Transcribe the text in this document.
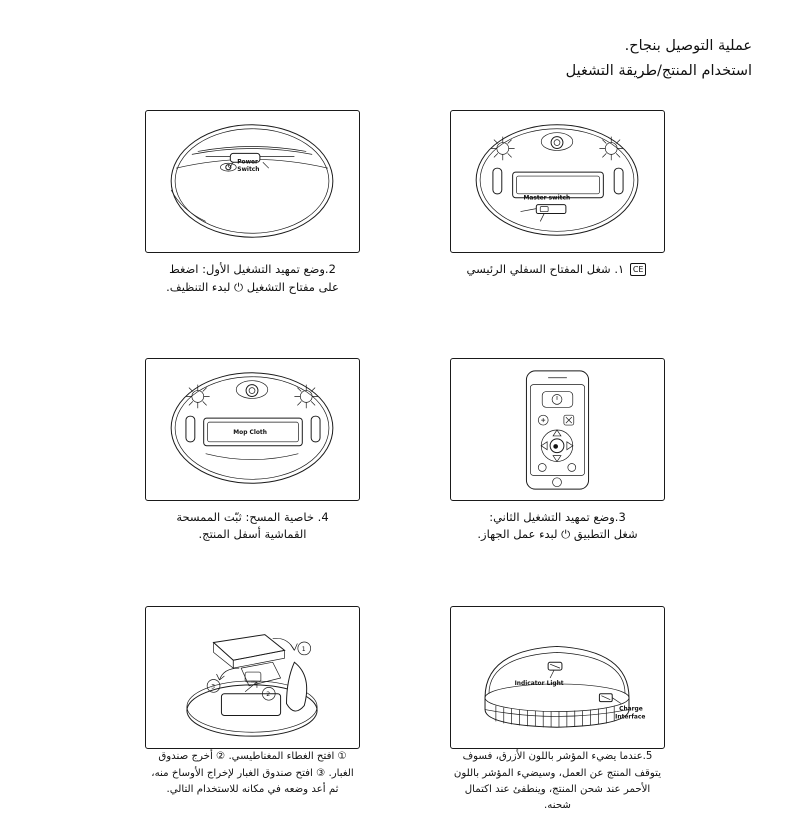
عملية التوصيل بنجاح.
استخدام المنتج/طريقة التشغيل
Power
Switch
2.وضع تمهيد التشغيل الأول: اضغط
على مفتاح التشغيل ⏻ لبدء التنظيف.
Master switch
CE ١. شغل المفتاح السفلي الرئيسي
Mop Cloth
4. خاصية المسح: ثبّت الممسحة
القماشية أسفل المنتج.
●
3.وضع تمهيد التشغيل الثاني:
شغل التطبيق ⏻ لبدء عمل الجهاز.
1
2
3
① افتح الغطاء المغناطيسي. ② أخرج صندوق الغبار. ③ افتح صندوق الغبار لإخراج الأوساخ منه، ثم أعد وضعه في مكانه للاستخدام التالي.
Indicator Light
Charge
Interface
5.عندما يضيء المؤشر باللون الأزرق، فسوف يتوقف المنتج عن العمل، وسيضيء المؤشر باللون الأحمر عند شحن المنتج، وينطفئ عند اكتمال شحنه.
